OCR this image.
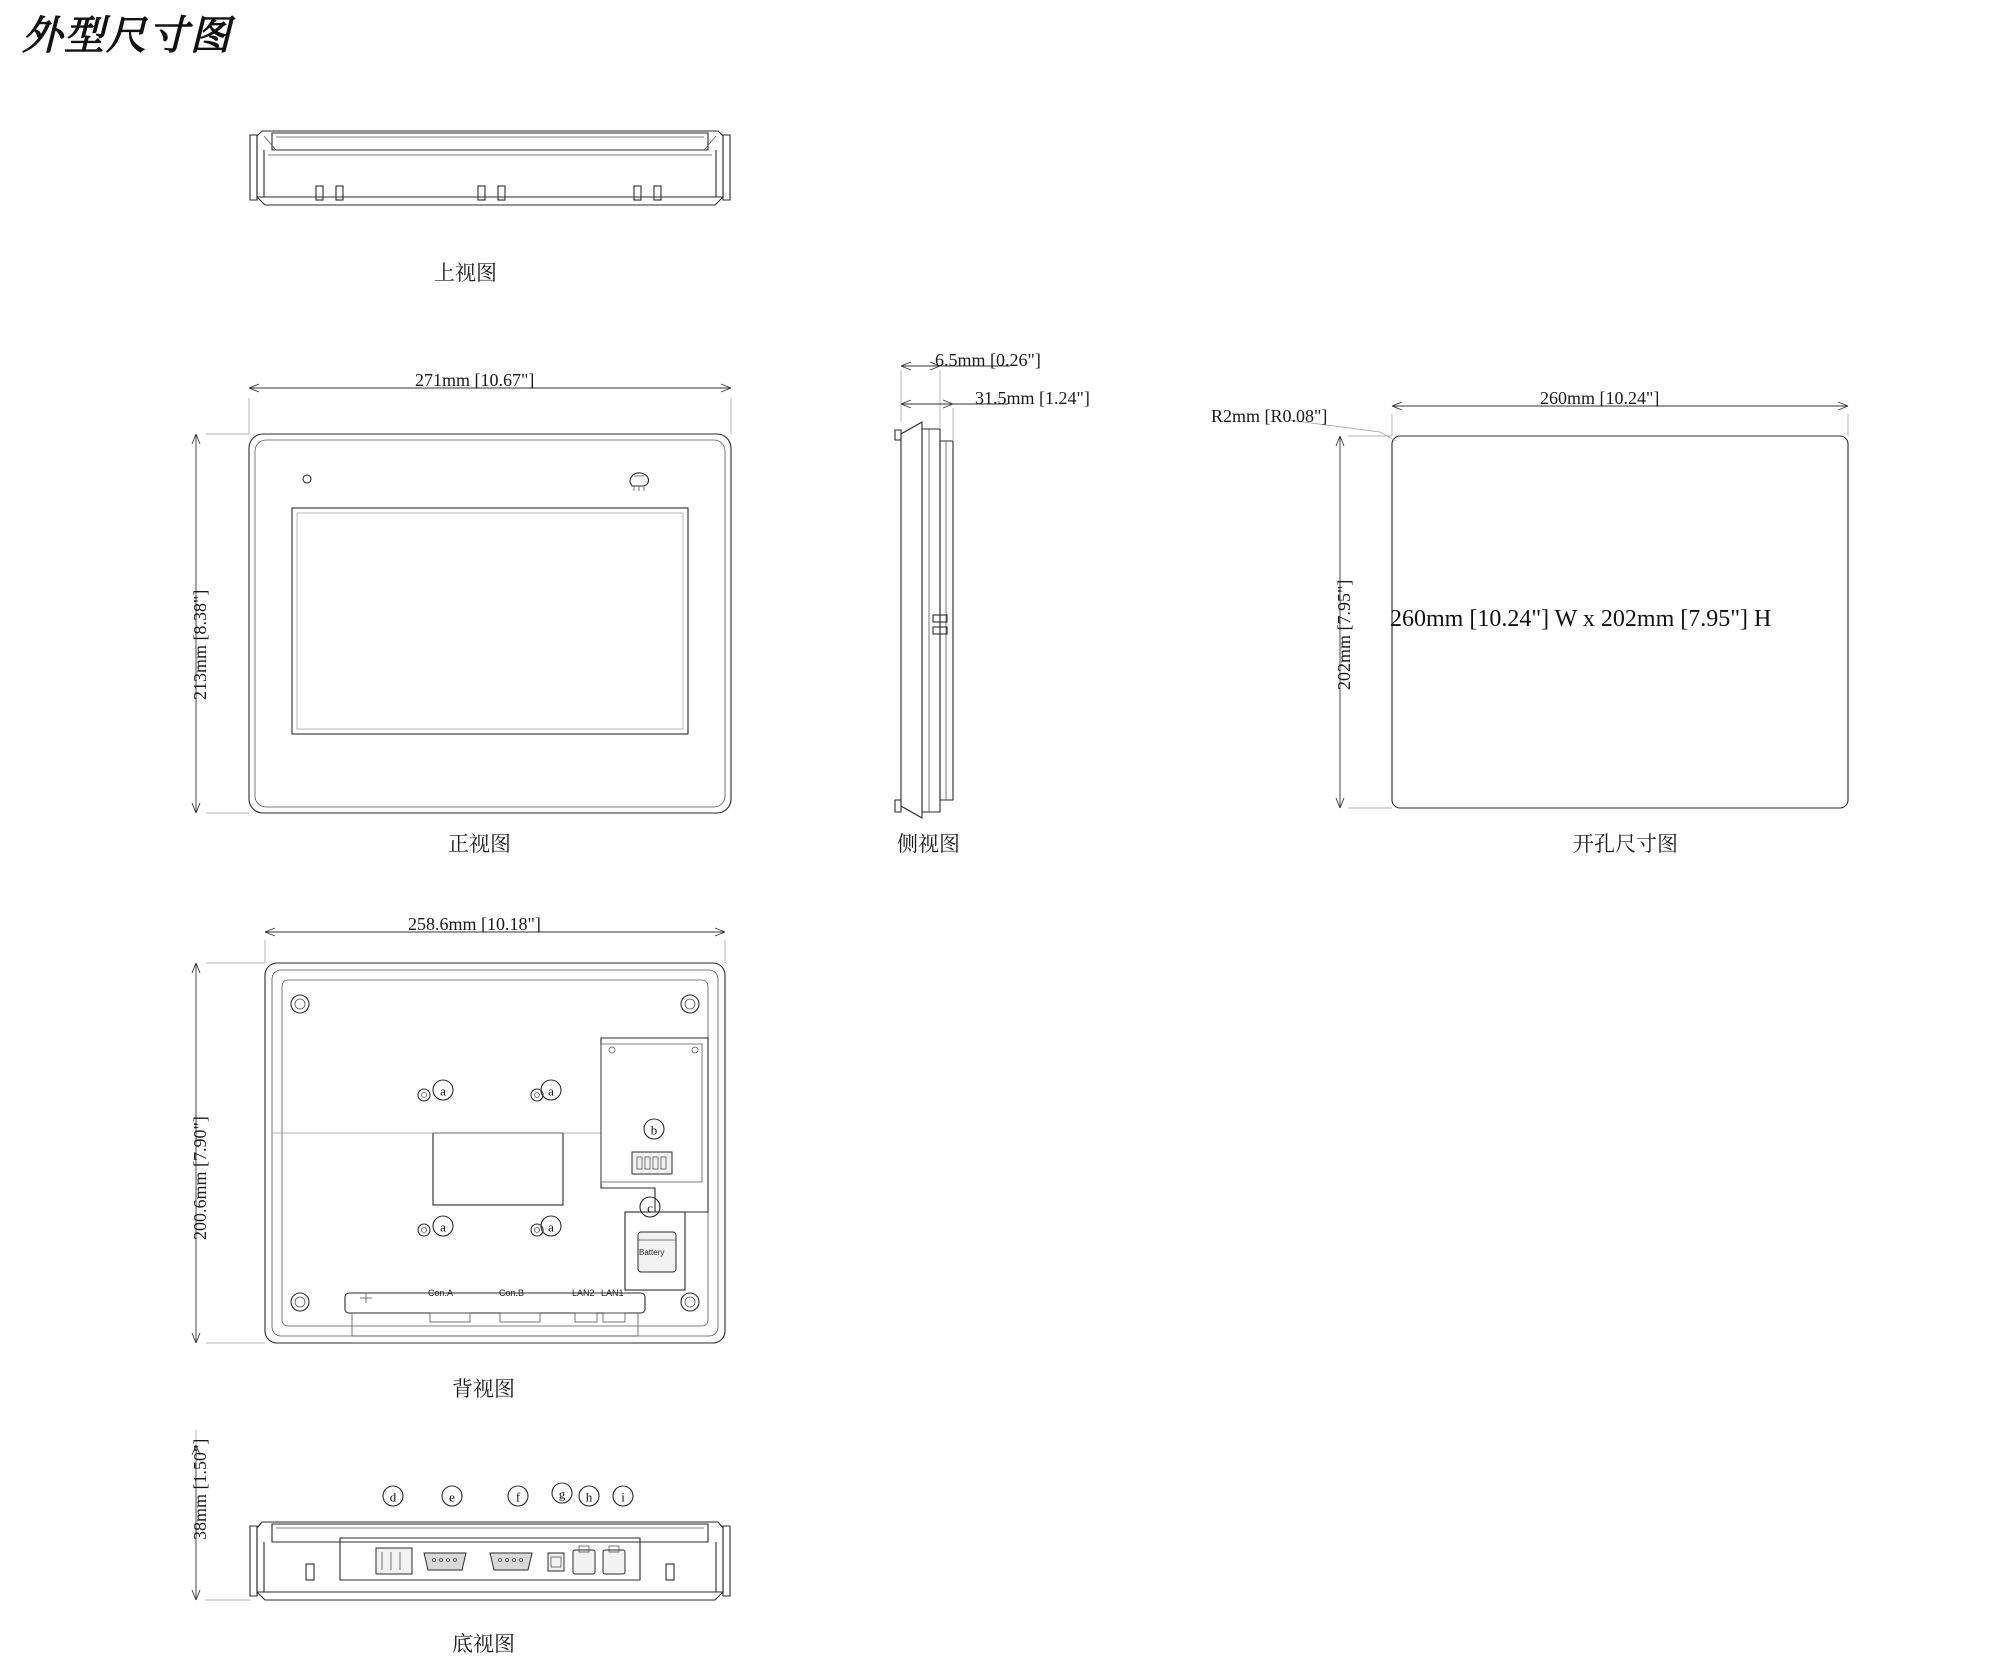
外型尺寸图
a	a
a	a
b
c
d	e	f	g h i
上视图
正视图	侧视图	开孔尺寸图
背视图
底视图
271mm [10.67"]
213mm [8.38"]
6.5mm [0.26"]
31.5mm [1.24"]
R2mm [R0.08"]
260mm [10.24"]
202mm [7.95"] 260mm [10.24"] W x 202mm [7.95"] H
258.6mm [10.18"]
200.6mm [7.90"]
38mm [1.50"]
Con.A	Con.B	LAN2 LAN1
Battery
